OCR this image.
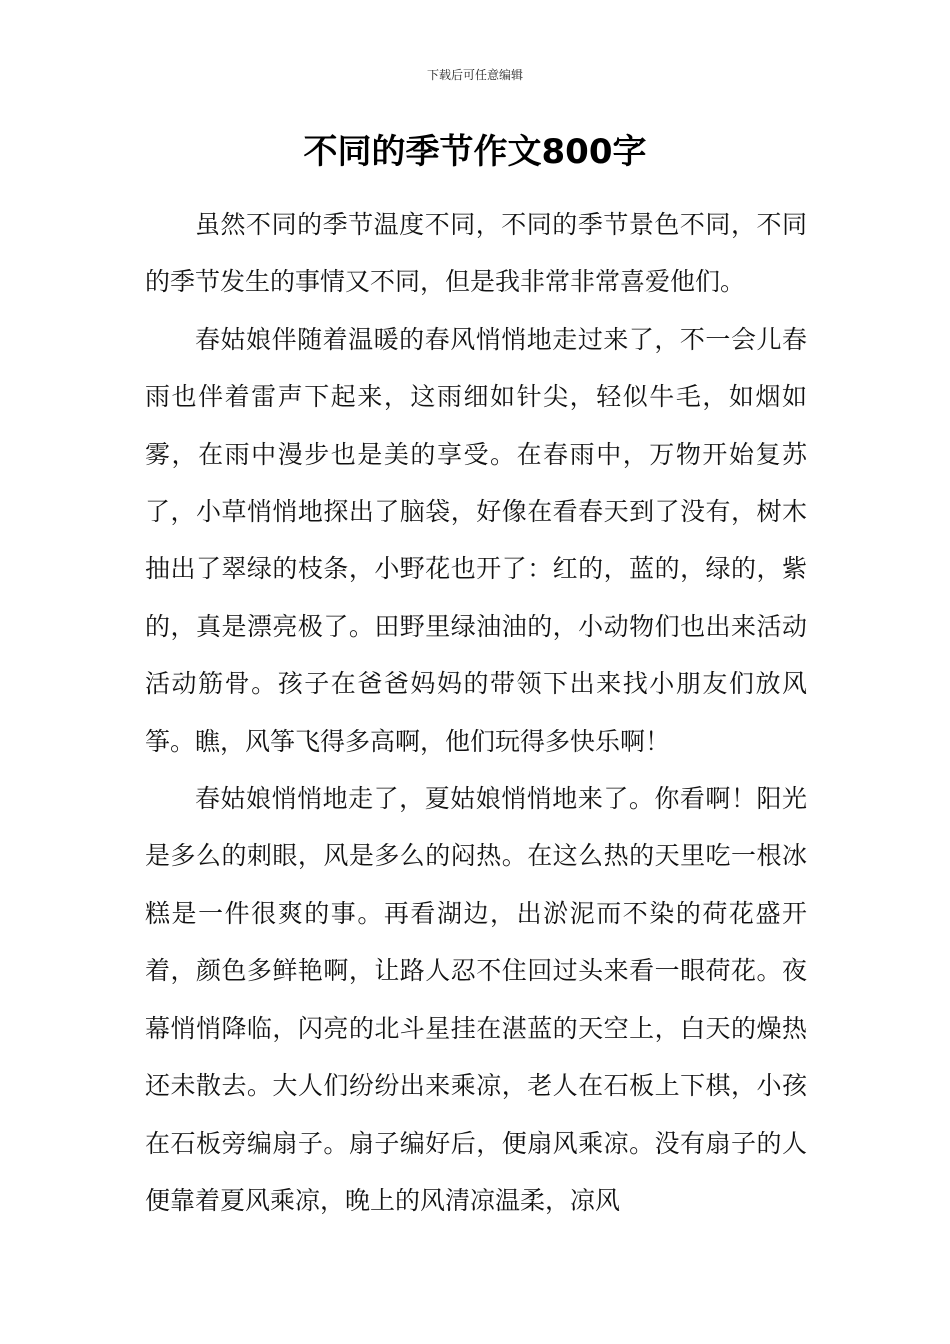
下载后可任意编辑
不同的季节作文800字

虽然不同的季节温度不同，不同的季节景色不同，不同的季节发生的事情又不同，但是我非常非常喜爱他们。

春姑娘伴随着温暖的春风悄悄地走过来了，不一会儿春雨也伴着雷声下起来，这雨细如针尖，轻似牛毛，如烟如雾，在雨中漫步也是美的享受。在春雨中，万物开始复苏了，小草悄悄地探出了脑袋，好像在看春天到了没有，树木抽出了翠绿的枝条，小野花也开了：红的，蓝的，绿的，紫的，真是漂亮极了。田野里绿油油的，小动物们也出来活动活动筋骨。孩子在爸爸妈妈的带领下出来找小朋友们放风筝。瞧，风筝飞得多高啊，他们玩得多快乐啊！

春姑娘悄悄地走了，夏姑娘悄悄地来了。你看啊！阳光是多么的刺眼，风是多么的闷热。在这么热的天里吃一根冰糕是一件很爽的事。再看湖边，出淤泥而不染的荷花盛开着，颜色多鲜艳啊，让路人忍不住回过头来看一眼荷花。夜幕悄悄降临，闪亮的北斗星挂在湛蓝的天空上，白天的燥热还未散去。大人们纷纷出来乘凉，老人在石板上下棋，小孩在石板旁编扇子。扇子编好后，便扇风乘凉。没有扇子的人便靠着夏风乘凉，晚上的风清凉温柔，凉风
